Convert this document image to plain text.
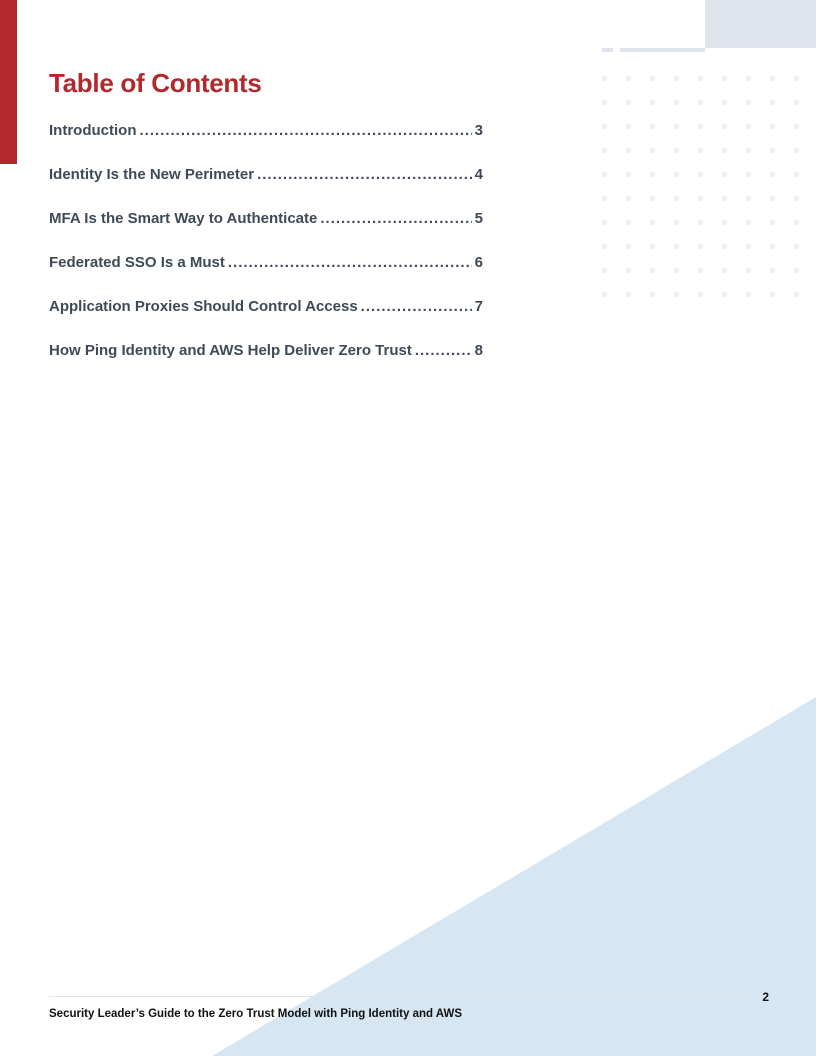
Table of Contents
Introduction .....	3
Identity Is the New Perimeter .....	4
MFA Is the Smart Way to Authenticate .....	5
Federated SSO Is a Must .....	6
Application Proxies Should Control Access .....	7
How Ping Identity and AWS Help Deliver Zero Trust .....	8
2
Security Leader’s Guide to the Zero Trust Model with Ping Identity and AWS
